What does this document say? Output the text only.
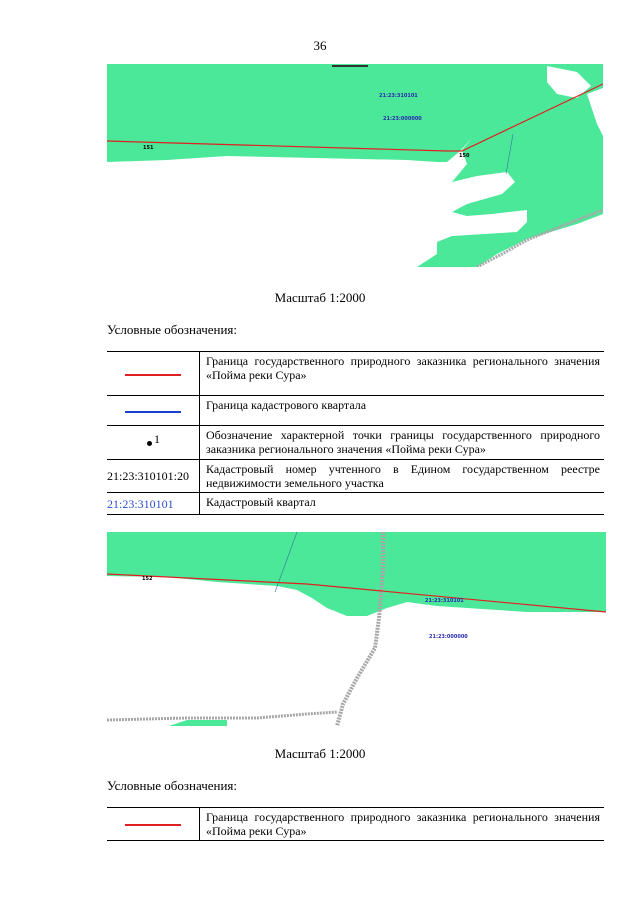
36
151
150
21:23:310101
21:23:000000
Масштаб 1:2000
Условные обозначения:
	Граница государственного природного заказника регионального значения «Пойма реки Сура»
	Граница кадастрового квартала

1	Обозначение характерной точки границы государственного природного заказника регионального значения «Пойма реки Сура»
21:23:310101:20	Кадастровый номер учтенного в Едином государственном реестре недвижимости земельного участка
21:23:310101	Кадастровый квартал
152
21:23:310101
21:23:000000
Масштаб 1:2000
Условные обозначения:
	Граница государственного природного заказника регионального значения «Пойма реки Сура»
